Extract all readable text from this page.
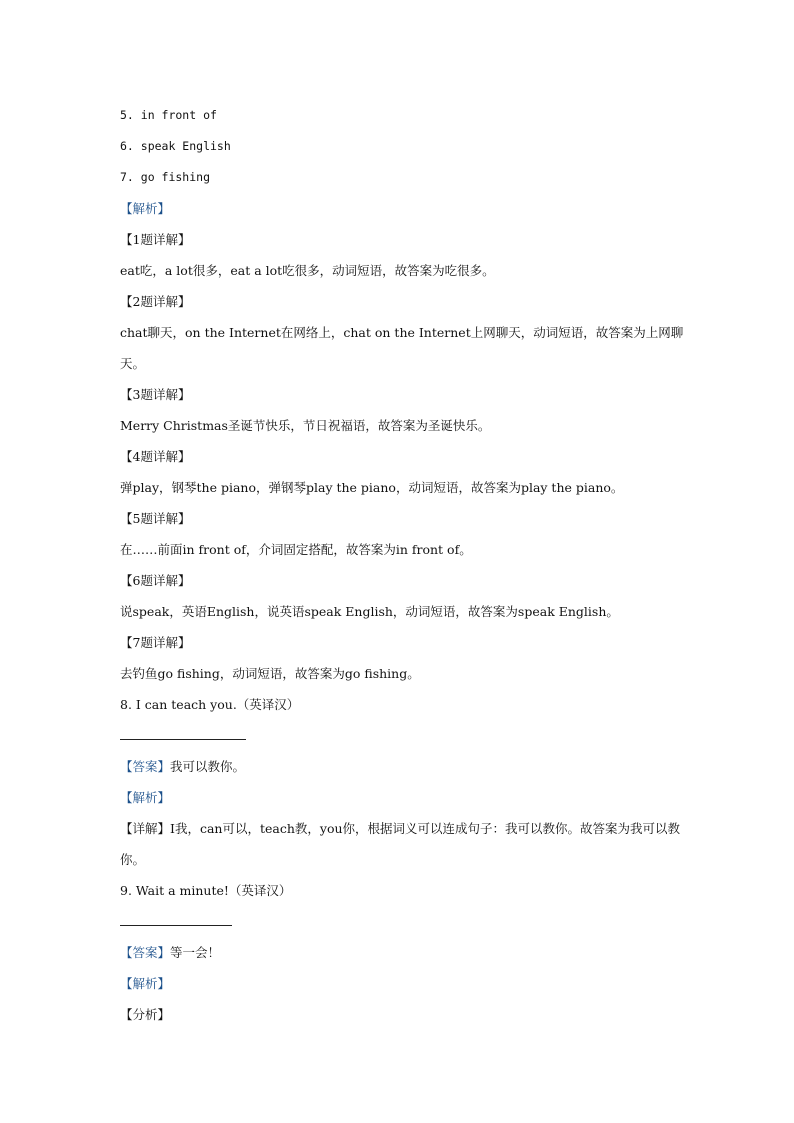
5. in front of
6. speak English
7. go fishing
【解析】
【1题详解】
eat吃，a lot很多，eat a lot吃很多，动词短语，故答案为吃很多。
【2题详解】
chat聊天，on the Internet在网络上，chat on the Internet上网聊天，动词短语，故答案为上网聊天。
【3题详解】
Merry Christmas圣诞节快乐，节日祝福语，故答案为圣诞快乐。
【4题详解】
弹play，钢琴the piano，弹钢琴play the piano，动词短语，故答案为play the piano。
【5题详解】
在……前面in front of，介词固定搭配，故答案为in front of。
【6题详解】
说speak，英语English，说英语speak English，动词短语，故答案为speak English。
【7题详解】
去钓鱼go fishing，动词短语，故答案为go fishing。
8. I can teach you.（英译汉）
【答案】我可以教你。
【解析】
【详解】I我，can可以，teach教，you你，根据词义可以连成句子：我可以教你。故答案为我可以教你。
9. Wait a minute!（英译汉）
【答案】等一会！
【解析】
【分析】
